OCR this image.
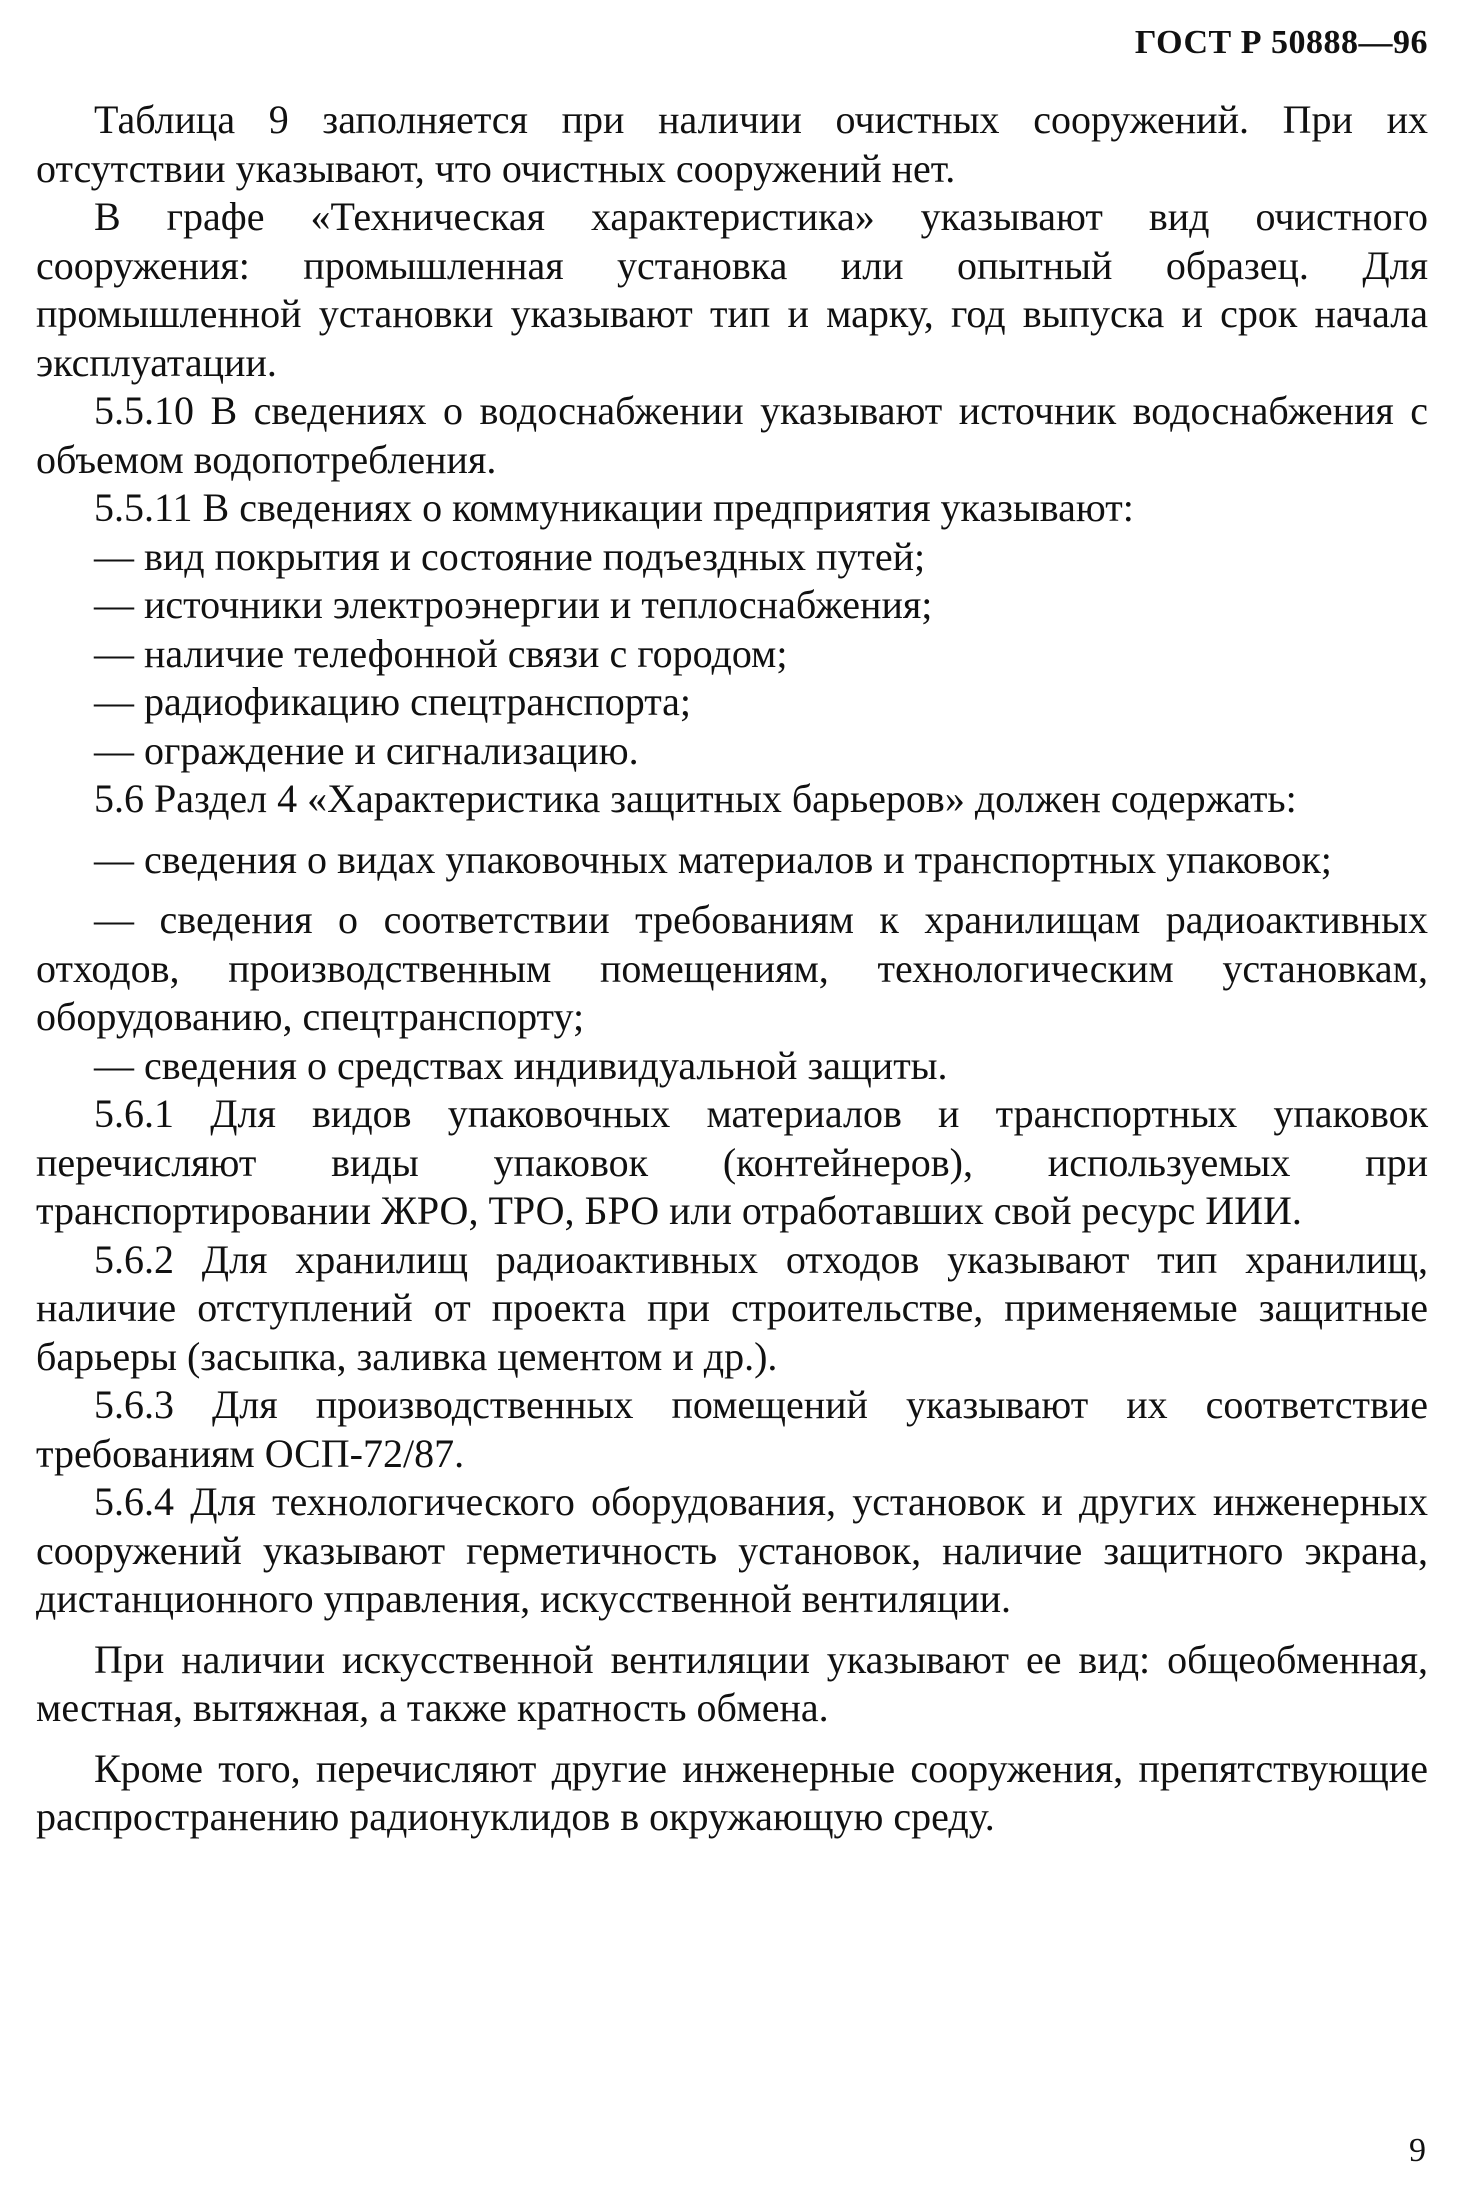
ГОСТ Р 50888—96

Таблица 9 заполняется при наличии очистных сооружений. При их отсутствии указывают, что очистных сооружений нет.

В графе «Техническая характеристика» указывают вид очистного сооружения: промышленная установка или опытный образец. Для промышленной установки указывают тип и марку, год выпуска и срок начала эксплуатации.

5.5.10 В сведениях о водоснабжении указывают источник водоснабжения с объемом водопотребления.

5.5.11 В сведениях о коммуникации предприятия указывают:

— вид покрытия и состояние подъездных путей;

— источники электроэнергии и теплоснабжения;

— наличие телефонной связи с городом;

— радиофикацию спецтранспорта;

— ограждение и сигнализацию.

5.6 Раздел 4 «Характеристика защитных барьеров» должен содержать:

— сведения о видах упаковочных материалов и транспортных упаковок;

— сведения о соответствии требованиям к хранилищам радиоактивных отходов, производственным помещениям, технологическим установкам, оборудованию, спецтранспорту;

— сведения о средствах индивидуальной защиты.

5.6.1 Для видов упаковочных материалов и транспортных упаковок перечисляют виды упаковок (контейнеров), используемых при транспортировании ЖРО, ТРО, БРО или отработавших свой ресурс ИИИ.

5.6.2 Для хранилищ радиоактивных отходов указывают тип хранилищ, наличие отступлений от проекта при строительстве, применяемые защитные барьеры (засыпка, заливка цементом и др.).

5.6.3 Для производственных помещений указывают их соответствие требованиям ОСП-72/87.

5.6.4 Для технологического оборудования, установок и других инженерных сооружений указывают герметичность установок, наличие защитного экрана, дистанционного управления, искусственной вентиляции.

При наличии искусственной вентиляции указывают ее вид: общеобменная, местная, вытяжная, а также кратность обмена.

Кроме того, перечисляют другие инженерные сооружения, препятствующие распространению радионуклидов в окружающую среду.

9
